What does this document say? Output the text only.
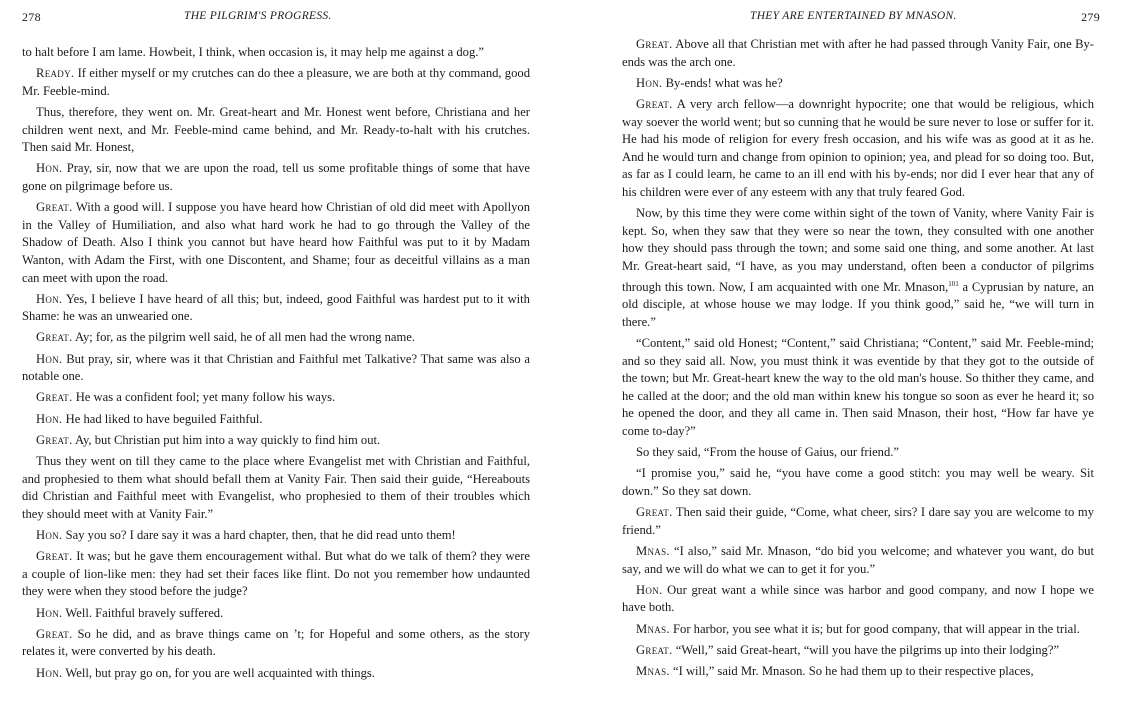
278	THE PILGRIM'S PROGRESS.

to halt before I am lame. Howbeit, I think, when occasion is, it may help me against a dog.”

Ready. If either myself or my crutches can do thee a pleasure, we are both at thy command, good Mr. Feeble-mind.

Thus, therefore, they went on. Mr. Great-heart and Mr. Honest went before, Christiana and her children went next, and Mr. Feeble-mind came behind, and Mr. Ready-to-halt with his crutches. Then said Mr. Honest,

Hon. Pray, sir, now that we are upon the road, tell us some profitable things of some that have gone on pilgrimage before us.

Great. With a good will. I suppose you have heard how Christian of old did meet with Apollyon in the Valley of Humiliation, and also what hard work he had to go through the Valley of the Shadow of Death. Also I think you cannot but have heard how Faithful was put to it by Madam Wanton, with Adam the First, with one Discontent, and Shame; four as deceitful villains as a man can meet with upon the road.

Hon. Yes, I believe I have heard of all this; but, indeed, good Faithful was hardest put to it with Shame: he was an unwearied one.

Great. Ay; for, as the pilgrim well said, he of all men had the wrong name.

Hon. But pray, sir, where was it that Christian and Faithful met Talkative? That same was also a notable one.

Great. He was a confident fool; yet many follow his ways.

Hon. He had liked to have beguiled Faithful.

Great. Ay, but Christian put him into a way quickly to find him out.

Thus they went on till they came to the place where Evangelist met with Christian and Faithful, and prophesied to them what should befall them at Vanity Fair. Then said their guide, “Hereabouts did Christian and Faithful meet with Evangelist, who prophesied to them of their troubles which they should meet with at Vanity Fair.”

Hon. Say you so? I dare say it was a hard chapter, then, that he did read unto them!

Great. It was; but he gave them encouragement withal. But what do we talk of them? they were a couple of lion-like men: they had set their faces like flint. Do not you remember how undaunted they were when they stood before the judge?

Hon. Well. Faithful bravely suffered.

Great. So he did, and as brave things came on ’t; for Hopeful and some others, as the story relates it, were converted by his death.

Hon. Well, but pray go on, for you are well acquainted with things.

THEY ARE ENTERTAINED BY MNASON.	279

Great. Above all that Christian met with after he had passed through Vanity Fair, one By-ends was the arch one.

Hon. By-ends! what was he?

Great. A very arch fellow—a downright hypocrite; one that would be religious, which way soever the world went; but so cunning that he would be sure never to lose or suffer for it. He had his mode of religion for every fresh occasion, and his wife was as good at it as he. And he would turn and change from opinion to opinion; yea, and plead for so doing too. But, as far as I could learn, he came to an ill end with his by-ends; nor did I ever hear that any of his children were ever of any esteem with any that truly feared God.

Now, by this time they were come within sight of the town of Vanity, where Vanity Fair is kept. So, when they saw that they were so near the town, they consulted with one another how they should pass through the town; and some said one thing, and some another. At last Mr. Great-heart said, “I have, as you may understand, often been a conductor of pilgrims through this town. Now, I am acquainted with one Mr. Mnason,$^{101}$ a Cyprusian by nature, an old disciple, at whose house we may lodge. If you think good,” said he, “we will turn in there.”

“Content,” said old Honest; “Content,” said Christiana; “Content,” said Mr. Feeble-mind; and so they said all. Now, you must think it was eventide by that they got to the outside of the town; but Mr. Great-heart knew the way to the old man's house. So thither they came, and he called at the door; and the old man within knew his tongue so soon as ever he heard it; so he opened the door, and they all came in. Then said Mnason, their host, “How far have ye come to-day?”

So they said, “From the house of Gaius, our friend.”

“I promise you,” said he, “you have come a good stitch: you may well be weary. Sit down.” So they sat down.

Great. Then said their guide, “Come, what cheer, sirs? I dare say you are welcome to my friend.”

Mnas. “I also,” said Mr. Mnason, “do bid you welcome; and whatever you want, do but say, and we will do what we can to get it for you.”

Hon. Our great want a while since was harbor and good company, and now I hope we have both.

Mnas. For harbor, you see what it is; but for good company, that will appear in the trial.

Great. “Well,” said Great-heart, “will you have the pilgrims up into their lodging?”

Mnas. “I will,” said Mr. Mnason. So he had them up to their respective places,
